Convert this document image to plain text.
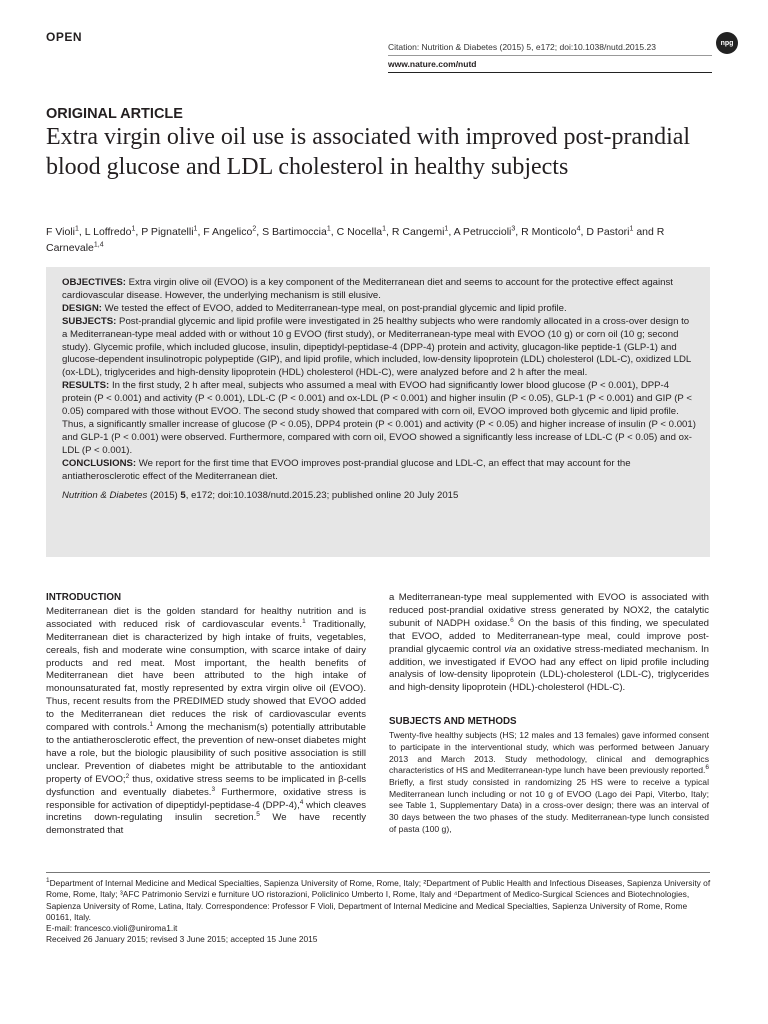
OPEN
Citation: Nutrition & Diabetes (2015) 5, e172; doi:10.1038/nutd.2015.23	npg
www.nature.com/nutd
ORIGINAL ARTICLE
Extra virgin olive oil use is associated with improved post-prandial blood glucose and LDL cholesterol in healthy subjects
F Violi$^1$, L Loffredo$^1$, P Pignatelli$^1$, F Angelico$^2$, S Bartimoccia$^1$, C Nocella$^1$, R Cangemi$^1$, A Petruccioli$^3$, R Monticolo$^4$, D Pastori$^1$ and R Carnevale$^{1,4}$

OBJECTIVES: Extra virgin olive oil (EVOO) is a key component of the Mediterranean diet and seems to account for the protective effect against cardiovascular disease. However, the underlying mechanism is still elusive.

DESIGN: We tested the effect of EVOO, added to Mediterranean-type meal, on post-prandial glycemic and lipid profile.

SUBJECTS: Post-prandial glycemic and lipid profile were investigated in 25 healthy subjects who were randomly allocated in a cross-over design to a Mediterranean-type meal added with or without 10 g EVOO (first study), or Mediterranean-type meal with EVOO (10 g) or corn oil (10 g; second study). Glycemic profile, which included glucose, insulin, dipeptidyl-peptidase-4 (DPP-4) protein and activity, glucagon-like peptide-1 (GLP-1) and glucose-dependent insulinotropic polypeptide (GIP), and lipid profile, which included, low-density lipoprotein (LDL) cholesterol (LDL-C), oxidized LDL (ox-LDL), triglycerides and high-density lipoprotein (HDL) cholesterol (HDL-C), were analyzed before and 2 h after the meal.

RESULTS: In the first study, 2 h after meal, subjects who assumed a meal with EVOO had significantly lower blood glucose (P < 0.001), DPP-4 protein (P < 0.001) and activity (P < 0.001), LDL-C (P < 0.001) and ox-LDL (P < 0.001) and higher insulin (P < 0.05), GLP-1 (P < 0.001) and GIP (P < 0.05) compared with those without EVOO. The second study showed that compared with corn oil, EVOO improved both glycemic and lipid profile. Thus, a significantly smaller increase of glucose (P < 0.05), DPP4 protein (P < 0.001) and activity (P < 0.05) and higher increase of insulin (P < 0.001) and GLP-1 (P < 0.001) were observed. Furthermore, compared with corn oil, EVOO showed a significantly less increase of LDL-C (P < 0.05) and ox-LDL (P < 0.001).

CONCLUSIONS: We report for the first time that EVOO improves post-prandial glucose and LDL-C, an effect that may account for the antiatherosclerotic effect of the Mediterranean diet.

Nutrition & Diabetes (2015) 5, e172; doi:10.1038/nutd.2015.23; published online 20 July 2015

INTRODUCTION

Mediterranean diet is the golden standard for healthy nutrition and is associated with reduced risk of cardiovascular events.$^1$ Traditionally, Mediterranean diet is characterized by high intake of fruits, vegetables, cereals, fish and moderate wine consumption, with scarce intake of dairy products and red meat. Most important, the health benefits of Mediterranean diet have been attributed to the high intake of monounsaturated fat, mostly represented by extra virgin olive oil (EVOO). Thus, recent results from the PREDIMED study showed that EVOO added to the Mediterranean diet reduces the risk of cardiovascular events compared with controls.$^1$ Among the mechanism(s) potentially attributable to the antiatherosclerotic effect, the prevention of new-onset diabetes might have a role, but the biologic plausibility of such positive association is still unclear. Prevention of diabetes might be attributable to the antioxidant property of EVOO;$^2$ thus, oxidative stress seems to be implicated in β-cells dysfunction and eventually diabetes.$^3$ Furthermore, oxidative stress is responsible for activation of dipeptidyl-peptidase-4 (DPP-4),$^4$ which cleaves incretins down-regulating insulin secretion.$^5$ We have recently demonstrated that

a Mediterranean-type meal supplemented with EVOO is associated with reduced post-prandial oxidative stress generated by NOX2, the catalytic subunit of NADPH oxidase.$^6$ On the basis of this finding, we speculated that EVOO, added to Mediterranean-type meal, could improve post-prandial glycaemic control via an oxidative stress-mediated mechanism. In addition, we investigated if EVOO had any effect on lipid profile including analysis of low-density lipoprotein (LDL)-cholesterol (LDL-C), triglycerides and high-density lipoprotein (HDL)-cholesterol (HDL-C).

SUBJECTS AND METHODS

Twenty-five healthy subjects (HS; 12 males and 13 females) gave informed consent to participate in the interventional study, which was performed between January 2013 and March 2013. Study methodology, clinical and demographics characteristics of HS and Mediterranean-type lunch have been previously reported.$^6$ Briefly, a first study consisted in randomizing 25 HS were to receive a typical Mediterranean lunch including or not 10 g of EVOO (Lago dei Papi, Viterbo, Italy; see Table 1, Supplementary Data) in a cross-over design; there was an interval of 30 days between the two phases of the study. Mediterranean-type lunch consisted of pasta (100 g),

$^1$Department of Internal Medicine and Medical Specialties, Sapienza University of Rome, Rome, Italy; ²Department of Public Health and Infectious Diseases, Sapienza University of Rome, Rome, Italy; ³AFC Patrimonio Servizi e furniture UO ristorazioni, Policlinico Umberto I, Rome, Italy and ⁴Department of Medico-Surgical Sciences and Biotechnologies, Sapienza University of Rome, Latina, Italy. Correspondence: Professor F Violi, Department of Internal Medicine and Medical Specialties, Sapienza University of Rome, Rome 00161, Italy.

E-mail: francesco.violi@uniroma1.it

Received 26 January 2015; revised 3 June 2015; accepted 15 June 2015
